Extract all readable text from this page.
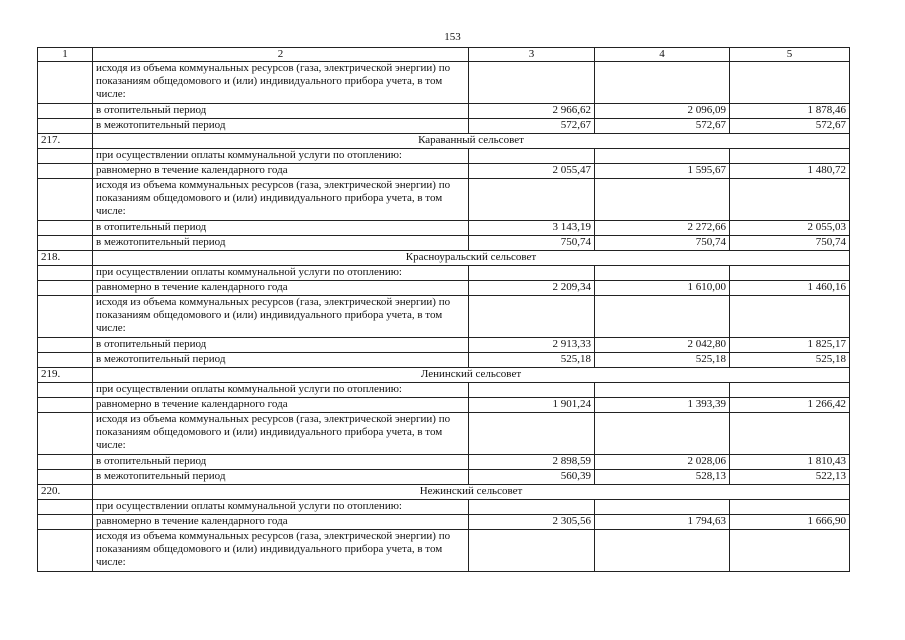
153
1	2	3	4	5
	исходя из объема коммунальных ресурсов (газа, электрической энергии) по показаниям общедомового и (или) индивидуального прибора учета, в том числе:			
	в отопительный период	2 966,62	2 096,09	1 878,46
	в межотопительный период	572,67	572,67	572,67
217.	Караванный сельсовет			
	при осуществлении оплаты коммунальной услуги по отоплению:			
	равномерно в течение календарного года	2 055,47	1 595,67	1 480,72
	исходя из объема коммунальных ресурсов (газа, электрической энергии) по показаниям общедомового и (или) индивидуального прибора учета, в том числе:			
	в отопительный период	3 143,19	2 272,66	2 055,03
	в межотопительный период	750,74	750,74	750,74
218.	Красноуральский сельсовет			
	при осуществлении оплаты коммунальной услуги по отоплению:			
	равномерно в течение календарного года	2 209,34	1 610,00	1 460,16
	исходя из объема коммунальных ресурсов (газа, электрической энергии) по показаниям общедомового и (или) индивидуального прибора учета, в том числе:			
	в отопительный период	2 913,33	2 042,80	1 825,17
	в межотопительный период	525,18	525,18	525,18
219.	Ленинский сельсовет			
	при осуществлении оплаты коммунальной услуги по отоплению:			
	равномерно в течение календарного года	1 901,24	1 393,39	1 266,42
	исходя из объема коммунальных ресурсов (газа, электрической энергии) по показаниям общедомового и (или) индивидуального прибора учета, в том числе:			
	в отопительный период	2 898,59	2 028,06	1 810,43
	в межотопительный период	560,39	528,13	522,13
220.	Нежинский сельсовет			
	при осуществлении оплаты коммунальной услуги по отоплению:			
	равномерно в течение календарного года	2 305,56	1 794,63	1 666,90
	исходя из объема коммунальных ресурсов (газа, электрической энергии) по показаниям общедомового и (или) индивидуального прибора учета, в том числе:			
